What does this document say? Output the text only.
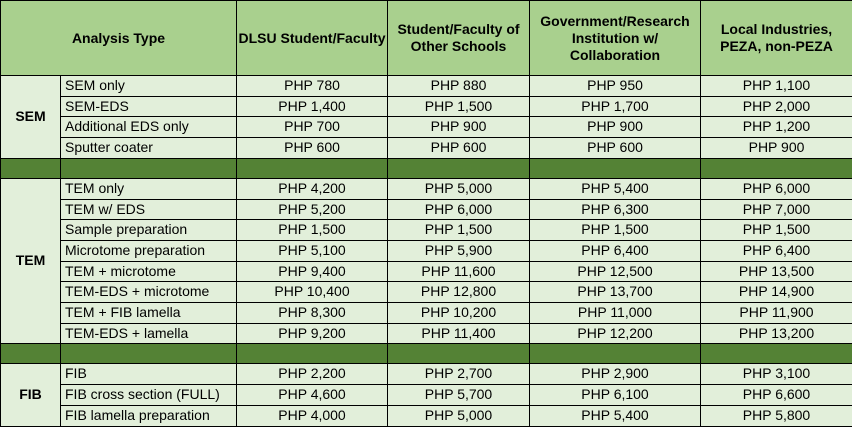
Analysis Type		DLSU Student/Faculty	Student/Faculty of Other Schools	Government/Research Institution w/ Collaboration	Local Industries, PEZA, non-PEZA
SEM	SEM only	PHP 780	PHP 880	PHP 950	PHP 1,100
	SEM-EDS	PHP 1,400	PHP 1,500	PHP 1,700	PHP 2,000
	Additional EDS only	PHP 700	PHP 900	PHP 900	PHP 1,200
	Sputter coater	PHP 600	PHP 600	PHP 600	PHP 900

TEM	TEM only	PHP 4,200	PHP 5,000	PHP 5,400	PHP 6,000
	TEM w/ EDS	PHP 5,200	PHP 6,000	PHP 6,300	PHP 7,000
	Sample preparation	PHP 1,500	PHP 1,500	PHP 1,500	PHP 1,500
	Microtome preparation	PHP 5,100	PHP 5,900	PHP 6,400	PHP 6,400
	TEM + microtome	PHP 9,400	PHP 11,600	PHP 12,500	PHP 13,500
	TEM-EDS + microtome	PHP 10,400	PHP 12,800	PHP 13,700	PHP 14,900
	TEM + FIB lamella	PHP 8,300	PHP 10,200	PHP 11,000	PHP 11,900
	TEM-EDS + lamella	PHP 9,200	PHP 11,400	PHP 12,200	PHP 13,200

FIB	FIB	PHP 2,200	PHP 2,700	PHP 2,900	PHP 3,100
	FIB cross section (FULL)	PHP 4,600	PHP 5,700	PHP 6,100	PHP 6,600
	FIB lamella preparation	PHP 4,000	PHP 5,000	PHP 5,400	PHP 5,800
